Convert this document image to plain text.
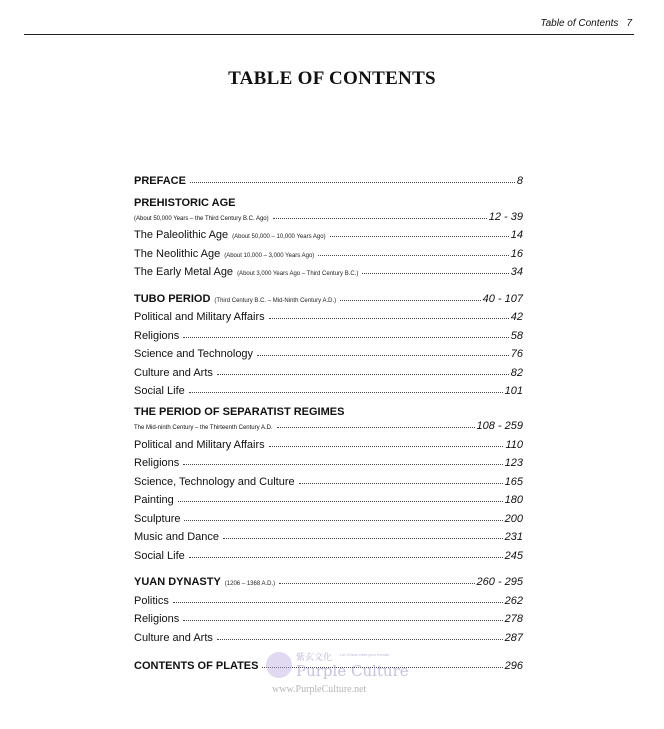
Table of Contents 7
TABLE OF CONTENTS
PREFACE	8
PREHISTORIC AGE
(About 50,000 Years – the Third Century B.C. Ago)	12 - 39
The Paleolithic Age (About 50,000 – 10,000 Years Ago)	14
The Neolithic Age (About 10,000 – 3,000 Years Ago)	16
The Early Metal Age (About 3,000 Years Ago – Third Century B.C.)	34
TUBO PERIOD (Third Century B.C. – Mid-Ninth Century A.D.)	40 - 107
Political and Military Affairs	42
Religions	58
Science and Technology	76
Culture and Arts	82
Social Life	101
THE PERIOD OF SEPARATIST REGIMES
The Mid-ninth Century – the Thirteenth Century A.D.	108 - 259
Political and Military Affairs	110
Religions	123
Science, Technology and Culture	165
Painting	180
Sculpture	200
Music and Dance	231
Social Life	245
YUAN DYNASTY (1206 – 1368 A.D.)	260 - 295
Politics	262
Religions	278
Culture and Arts	287
CONTENTS OF PLATES	296
紫玄文化 Let China meet your friends
Purple Culture
www.PurpleCulture.net
